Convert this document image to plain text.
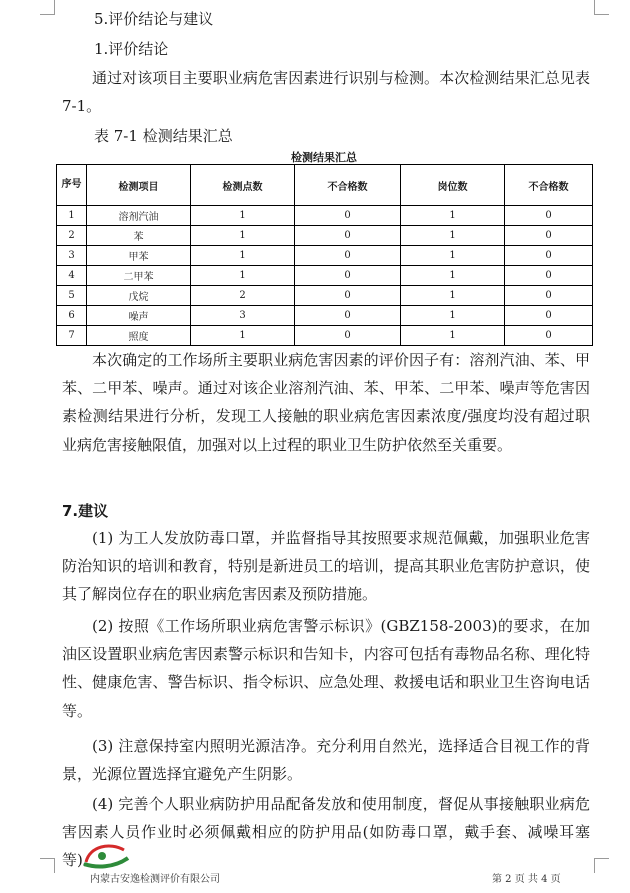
5.评价结论与建议
1.评价结论

通过对该项目主要职业病危害因素进行识别与检测。本次检测结果汇总见表 7-1。

表 7-1 检测结果汇总
检测结果汇总
序号	检测项目	检测点数	不合格数	岗位数	不合格数
1	溶剂汽油	1	0	1	0
2	苯	1	0	1	0
3	甲苯	1	0	1	0
4	二甲苯	1	0	1	0
5	戊烷	2	0	1	0
6	噪声	3	0	1	0
7	照度	1	0	1	0

本次确定的工作场所主要职业病危害因素的评价因子有：溶剂汽油、苯、甲苯、二甲苯、噪声。通过对该企业溶剂汽油、苯、甲苯、二甲苯、噪声等危害因素检测结果进行分析，发现工人接触的职业病危害因素浓度/强度均没有超过职业病危害接触限值，加强对以上过程的职业卫生防护依然至关重要。

7.建议

(1) 为工人发放防毒口罩，并监督指导其按照要求规范佩戴，加强职业危害防治知识的培训和教育，特别是新进员工的培训，提高其职业危害防护意识，使其了解岗位存在的职业病危害因素及预防措施。

(2) 按照《工作场所职业病危害警示标识》(GBZ158-2003)的要求，在加油区设置职业病危害因素警示标识和告知卡，内容可包括有毒物品名称、理化特性、健康危害、警告标识、指令标识、应急处理、救援电话和职业卫生咨询电话等。

(3) 注意保持室内照明光源洁净。充分利用自然光，选择适合目视工作的背景，光源位置选择宜避免产生阴影。

(4) 完善个人职业病防护用品配备发放和使用制度，督促从事接触职业病危害因素人员作业时必须佩戴相应的防护用品(如防毒口罩，戴手套、减噪耳塞等)。

内蒙古安逸检测评价有限公司	第 2 页 共 4 页
